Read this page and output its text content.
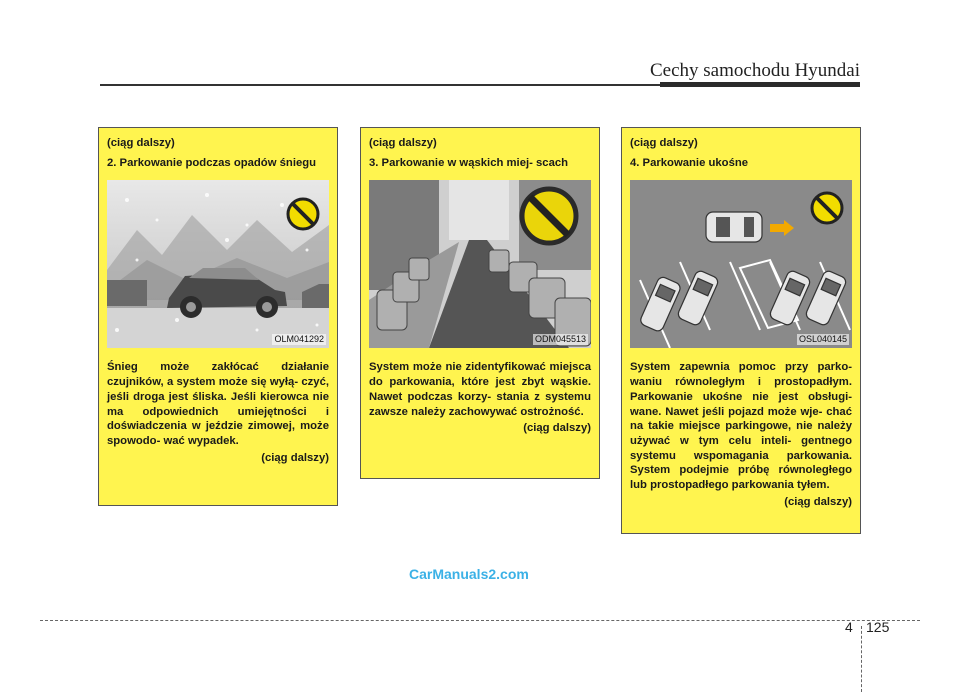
Cechy samochodu Hyundai

(ciąg dalszy)

2. Parkowanie podczas opadów śniegu

OLM041292

Śnieg może zakłócać działanie czujników, a system może się wyłą- czyć, jeśli droga jest śliska. Jeśli kierowca nie ma odpowiednich umiejętności i doświadczenia w jeździe zimowej, może spowodo- wać wypadek.

(ciąg dalszy)

(ciąg dalszy)

3. Parkowanie w wąskich miej- scach

ODM045513

System może nie zidentyfikować miejsca do parkowania, które jest zbyt wąskie. Nawet podczas korzy- stania z systemu zawsze należy zachowywać ostrożność.

(ciąg dalszy)

(ciąg dalszy)

4. Parkowanie ukośne

OSL040145

System zapewnia pomoc przy parko- waniu równoległym i prostopadłym. Parkowanie ukośne nie jest obsługi- wane. Nawet jeśli pojazd może wje- chać na takie miejsce parkingowe, nie należy używać w tym celu inteli- gentnego systemu wspomagania parkowania. System podejmie próbę równoległego lub prostopadłego parkowania tyłem.

(ciąg dalszy)

CarManuals2.com
4 125
